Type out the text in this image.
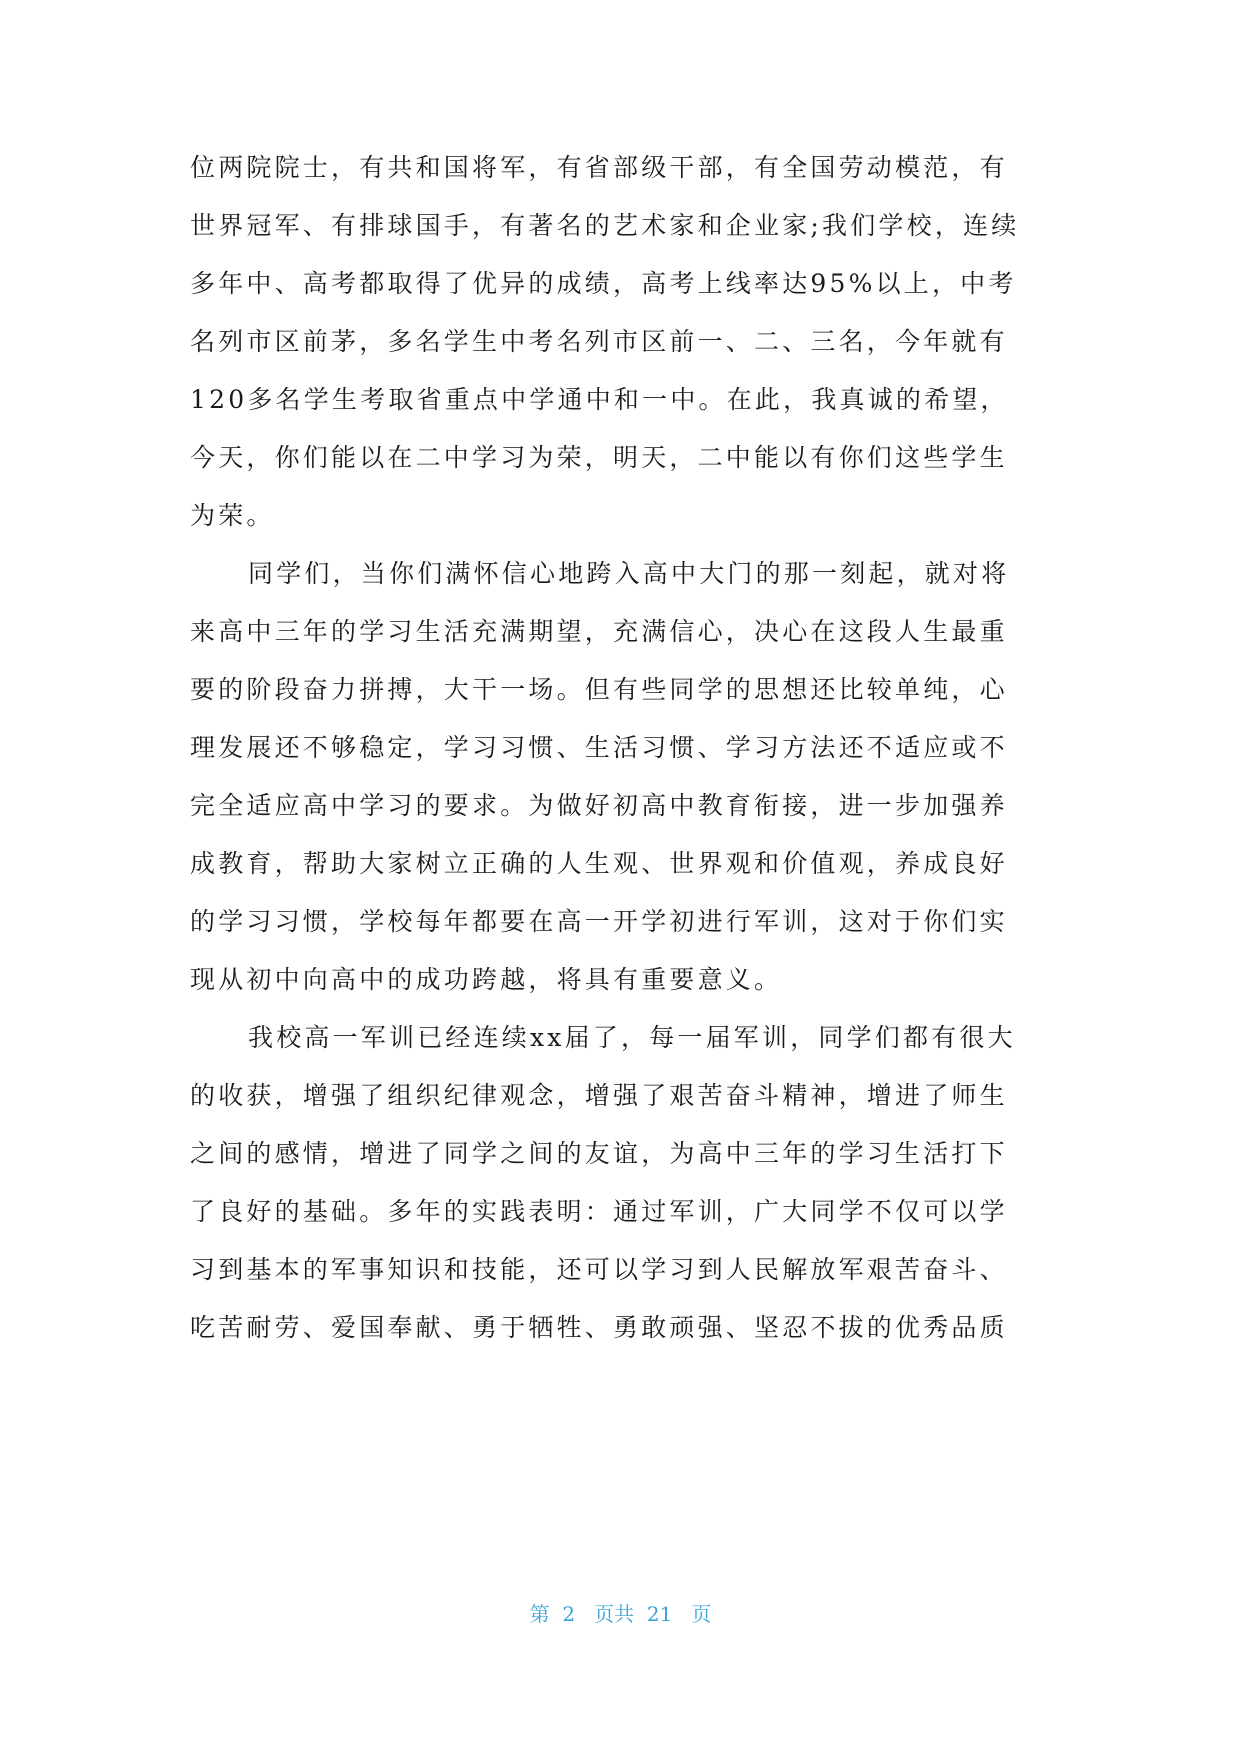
位两院院士，有共和国将军，有省部级干部，有全国劳动模范，有
世界冠军、有排球国手，有著名的艺术家和企业家;我们学校，连续
多年中、高考都取得了优异的成绩，高考上线率达95%以上，中考
名列市区前茅，多名学生中考名列市区前一、二、三名，今年就有
120多名学生考取省重点中学通中和一中。在此，我真诚的希望，
今天，你们能以在二中学习为荣，明天，二中能以有你们这些学生
为荣。
同学们，当你们满怀信心地跨入高中大门的那一刻起，就对将
来高中三年的学习生活充满期望，充满信心，决心在这段人生最重
要的阶段奋力拼搏，大干一场。但有些同学的思想还比较单纯，心
理发展还不够稳定，学习习惯、生活习惯、学习方法还不适应或不
完全适应高中学习的要求。为做好初高中教育衔接，进一步加强养
成教育，帮助大家树立正确的人生观、世界观和价值观，养成良好
的学习习惯，学校每年都要在高一开学初进行军训，这对于你们实
现从初中向高中的成功跨越，将具有重要意义。
我校高一军训已经连续xx届了，每一届军训，同学们都有很大
的收获，增强了组织纪律观念，增强了艰苦奋斗精神，增进了师生
之间的感情，增进了同学之间的友谊，为高中三年的学习生活打下
了良好的基础。多年的实践表明：通过军训，广大同学不仅可以学
习到基本的军事知识和技能，还可以学习到人民解放军艰苦奋斗、
吃苦耐劳、爱国奉献、勇于牺牲、勇敢顽强、坚忍不拔的优秀品质
第 2 页共 21 页
